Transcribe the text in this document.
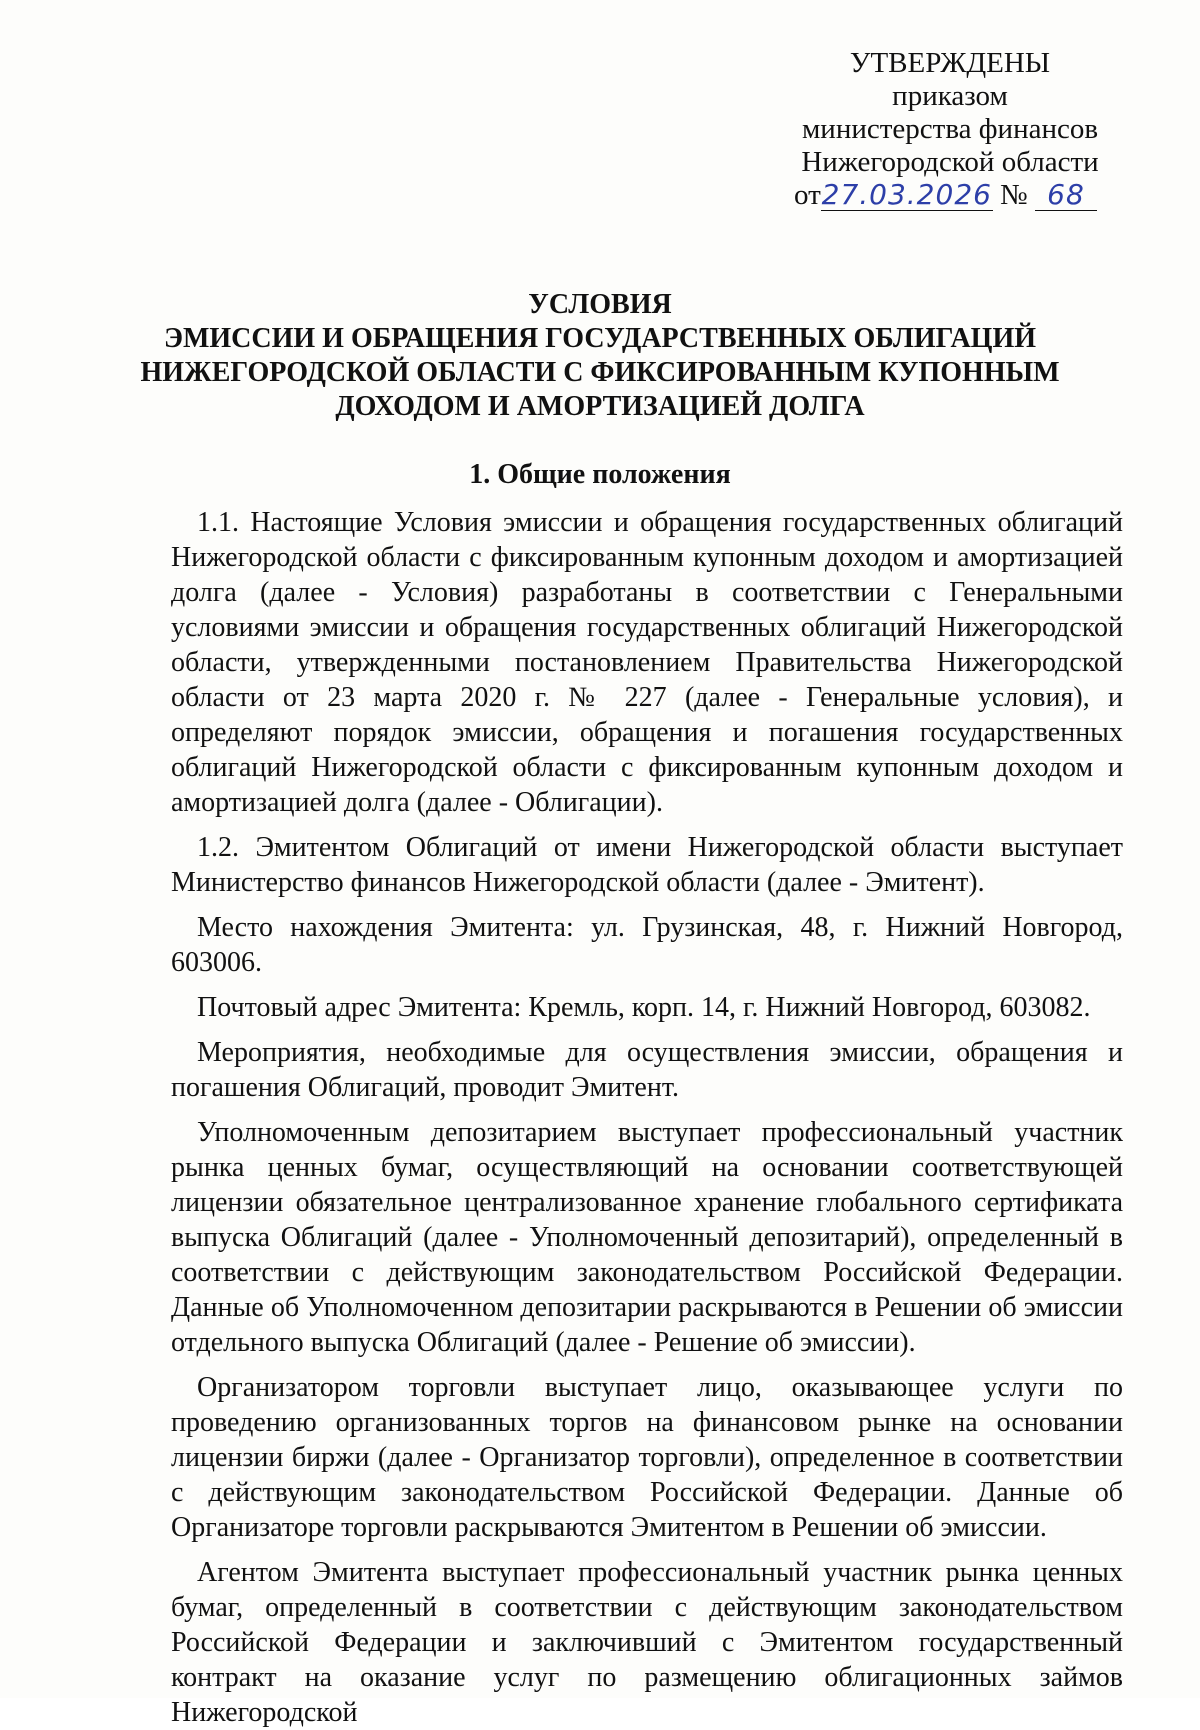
УТВЕРЖДЕНЫ
приказом
министерства финансов
Нижегородской области
от27.03.2026 № 68
УСЛОВИЯ
ЭМИССИИ И ОБРАЩЕНИЯ ГОСУДАРСТВЕННЫХ ОБЛИГАЦИЙ
НИЖЕГОРОДСКОЙ ОБЛАСТИ С ФИКСИРОВАННЫМ КУПОННЫМ
ДОХОДОМ И АМОРТИЗАЦИЕЙ ДОЛГА
1. Общие положения

1.1. Настоящие Условия эмиссии и обращения государственных облигаций Нижегородской области с фиксированным купонным доходом и амортизацией долга (далее - Условия) разработаны в соответствии с Генеральными условиями эмиссии и обращения государственных облигаций Нижегородской области, утвержденными постановлением Правительства Нижегородской области от 23 марта 2020 г. № 227 (далее - Генеральные условия), и определяют порядок эмиссии, обращения и погашения государственных облигаций Нижегородской области с фиксированным купонным доходом и амортизацией долга (далее - Облигации).

1.2. Эмитентом Облигаций от имени Нижегородской области выступает Министерство финансов Нижегородской области (далее - Эмитент).

Место нахождения Эмитента: ул. Грузинская, 48, г. Нижний Новгород, 603006.

Почтовый адрес Эмитента: Кремль, корп. 14, г. Нижний Новгород, 603082.

Мероприятия, необходимые для осуществления эмиссии, обращения и погашения Облигаций, проводит Эмитент.

Уполномоченным депозитарием выступает профессиональный участник рынка ценных бумаг, осуществляющий на основании соответствующей лицензии обязательное централизованное хранение глобального сертификата выпуска Облигаций (далее - Уполномоченный депозитарий), определенный в соответствии с действующим законодательством Российской Федерации. Данные об Уполномоченном депозитарии раскрываются в Решении об эмиссии отдельного выпуска Облигаций (далее - Решение об эмиссии).

Организатором торговли выступает лицо, оказывающее услуги по проведению организованных торгов на финансовом рынке на основании лицензии биржи (далее - Организатор торговли), определенное в соответствии с действующим законодательством Российской Федерации. Данные об Организаторе торговли раскрываются Эмитентом в Решении об эмиссии.

Агентом Эмитента выступает профессиональный участник рынка ценных бумаг, определенный в соответствии с действующим законодательством Российской Федерации и заключивший с Эмитентом государственный контракт на оказание услуг по размещению облигационных займов Нижегородской
